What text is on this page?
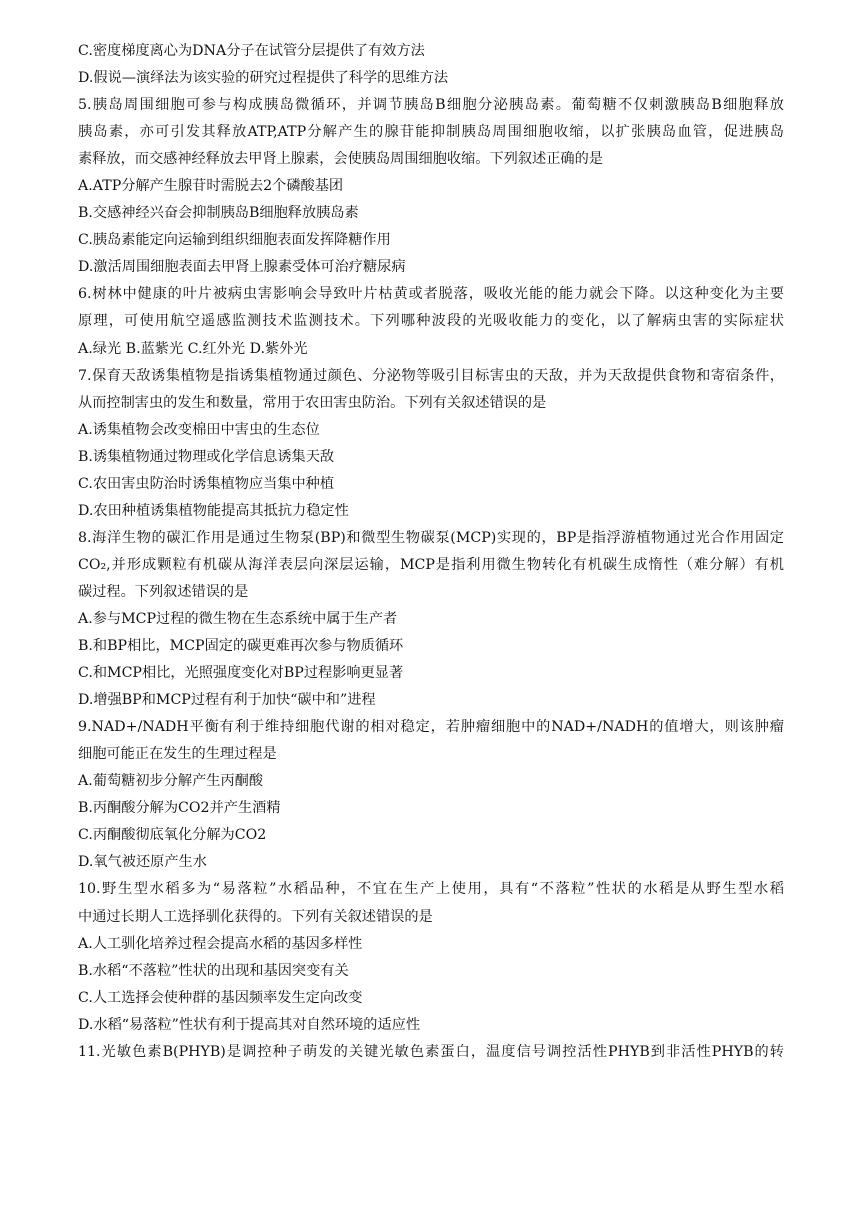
C.密度梯度离心为DNA分子在试管分层提供了有效方法
D.假说—演绎法为该实验的研究过程提供了科学的思维方法
5.胰岛周围细胞可参与构成胰岛微循环，并调节胰岛B细胞分泌胰岛素。葡萄糖不仅刺激胰岛B细胞释放
胰岛素，亦可引发其释放ATP,ATP分解产生的腺苷能抑制胰岛周围细胞收缩，以扩张胰岛血管，促进胰岛
素释放，而交感神经释放去甲肾上腺素，会使胰岛周围细胞收缩。下列叙述正确的是
A.ATP分解产生腺苷时需脱去2个磷酸基团
B.交感神经兴奋会抑制胰岛B细胞释放胰岛素
C.胰岛素能定向运输到组织细胞表面发挥降糖作用
D.激活周围细胞表面去甲肾上腺素受体可治疗糖尿病
6.树林中健康的叶片被病虫害影响会导致叶片枯黄或者脱落，吸收光能的能力就会下降。以这种变化为主要
原理，可使用航空遥感监测技术监测技术。下列哪种波段的光吸收能力的变化，以了解病虫害的实际症状
A.绿光 B.蓝紫光 C.红外光 D.紫外光
7.保育天敌诱集植物是指诱集植物通过颜色、分泌物等吸引目标害虫的天敌，并为天敌提供食物和寄宿条件，
从而控制害虫的发生和数量，常用于农田害虫防治。下列有关叙述错误的是
A.诱集植物会改变棉田中害虫的生态位
B.诱集植物通过物理或化学信息诱集天敌
C.农田害虫防治时诱集植物应当集中种植
D.农田种植诱集植物能提高其抵抗力稳定性
8.海洋生物的碳汇作用是通过生物泵(BP)和微型生物碳泵(MCP)实现的，BP是指浮游植物通过光合作用固定
CO₂,并形成颗粒有机碳从海洋表层向深层运输，MCP是指利用微生物转化有机碳生成惰性（难分解）有机
碳过程。下列叙述错误的是
A.参与MCP过程的微生物在生态系统中属于生产者
B.和BP相比，MCP固定的碳更难再次参与物质循环
C.和MCP相比，光照强度变化对BP过程影响更显著
D.增强BP和MCP过程有利于加快“碳中和”进程
9.NAD+/NADH平衡有利于维持细胞代谢的相对稳定，若肿瘤细胞中的NAD+/NADH的值增大，则该肿瘤
细胞可能正在发生的生理过程是
A.葡萄糖初步分解产生丙酮酸
B.丙酮酸分解为CO2并产生酒精
C.丙酮酸彻底氧化分解为CO2
D.氧气被还原产生水
10.野生型水稻多为“易落粒”水稻品种，不宜在生产上使用，具有“不落粒”性状的水稻是从野生型水稻
中通过长期人工选择驯化获得的。下列有关叙述错误的是
A.人工驯化培养过程会提高水稻的基因多样性
B.水稻“不落粒”性状的出现和基因突变有关
C.人工选择会使种群的基因频率发生定向改变
D.水稻“易落粒”性状有利于提高其对自然环境的适应性
11.光敏色素B(PHYB)是调控种子萌发的关键光敏色素蛋白，温度信号调控活性PHYB到非活性PHYB的转
